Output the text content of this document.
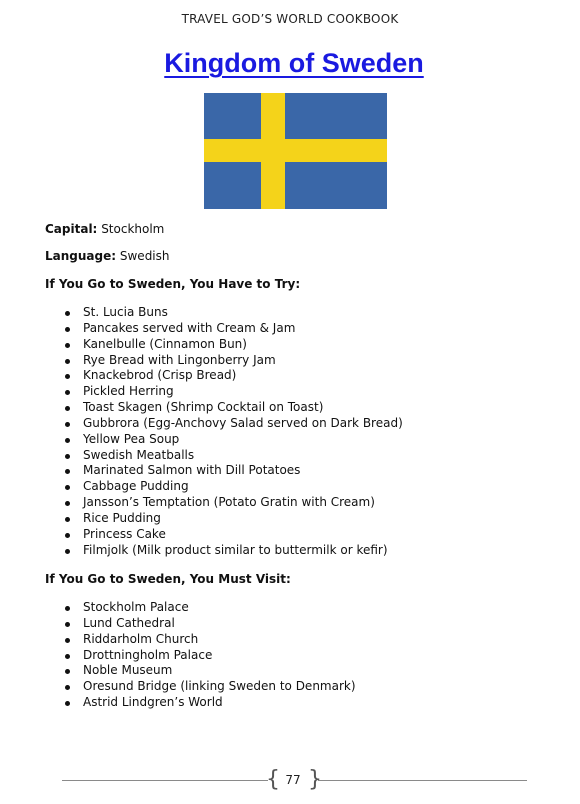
TRAVEL GOD’S WORLD COOKBOOK
Kingdom of Sweden
Capital: Stockholm
Language: Swedish
If You Go to Sweden, You Have to Try:
St. Lucia Buns
Pancakes served with Cream & Jam
Kanelbulle (Cinnamon Bun)
Rye Bread with Lingonberry Jam
Knackebrod (Crisp Bread)
Pickled Herring
Toast Skagen (Shrimp Cocktail on Toast)
Gubbrora (Egg-Anchovy Salad served on Dark Bread)
Yellow Pea Soup
Swedish Meatballs
Marinated Salmon with Dill Potatoes
Cabbage Pudding
Jansson’s Temptation (Potato Gratin with Cream)
Rice Pudding
Princess Cake
Filmjolk (Milk product similar to buttermilk or kefir)
If You Go to Sweden, You Must Visit:
Stockholm Palace
Lund Cathedral
Riddarholm Church
Drottningholm Palace
Noble Museum
Oresund Bridge (linking Sweden to Denmark)
Astrid Lindgren’s World
{ 77 }
